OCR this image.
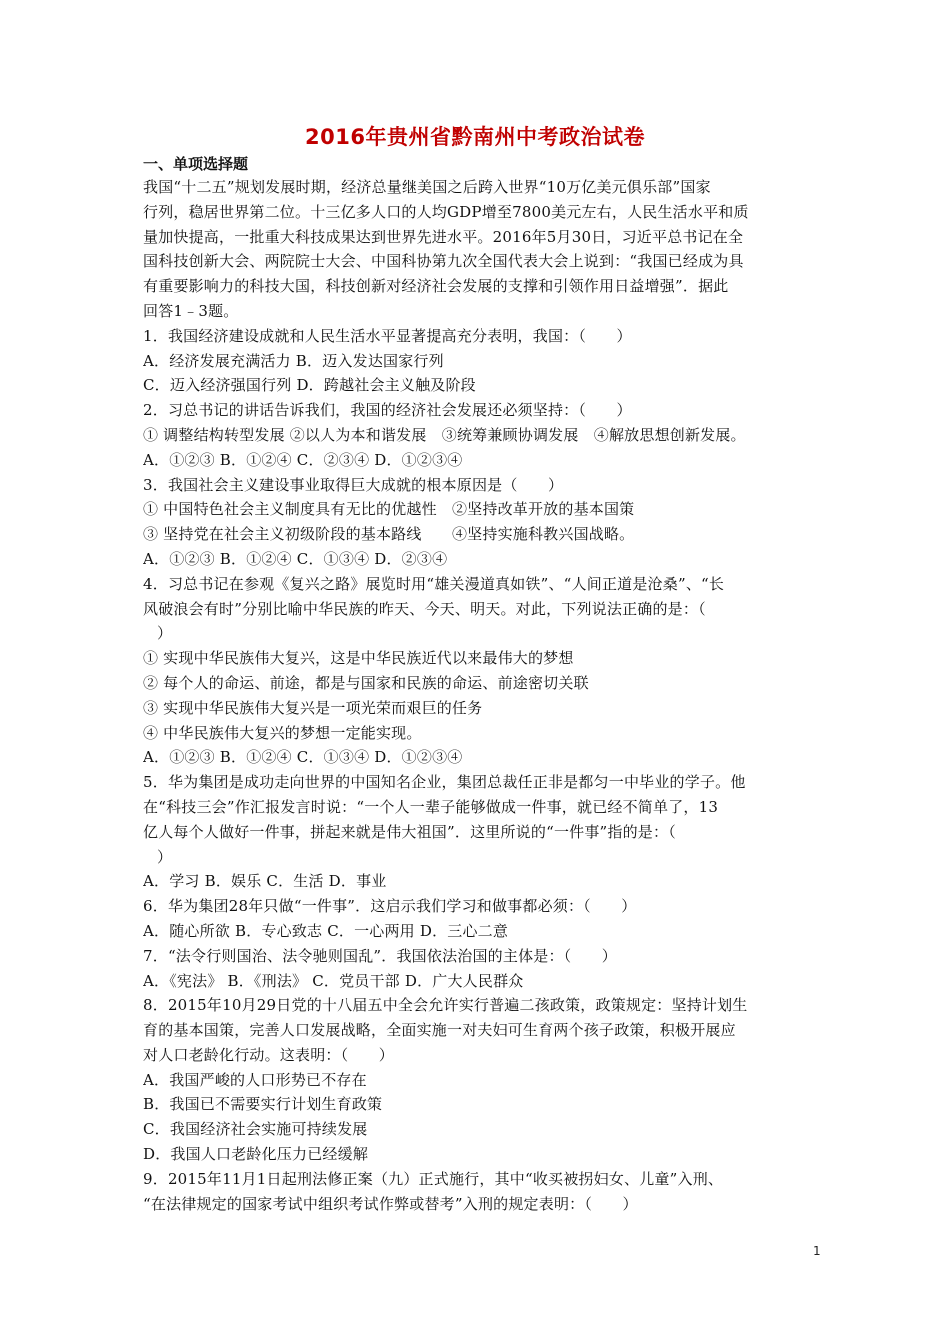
2016年贵州省黔南州中考政治试卷
一、单项选择题
我国“十二五”规划发展时期，经济总量继美国之后跨入世界“10万亿美元俱乐部”国家
行列，稳居世界第二位。十三亿多人口的人均GDP增至7800美元左右，人民生活水平和质
量加快提高，一批重大科技成果达到世界先进水平。2016年5月30日，习近平总书记在全
国科技创新大会、两院院士大会、中国科协第九次全国代表大会上说到：“我国已经成为具
有重要影响力的科技大国，科技创新对经济社会发展的支撑和引领作用日益增强”．据此
回答1﹣3题。
1．我国经济建设成就和人民生活水平显著提高充分表明，我国：（　　）
A．经济发展充满活力 B．迈入发达国家行列
C．迈入经济强国行列 D．跨越社会主义触及阶段
2．习总书记的讲话告诉我们，我国的经济社会发展还必须坚持：（　　）
① 调整结构转型发展 ②以人为本和谐发展　③统筹兼顾协调发展　④解放思想创新发展。
A．①②③ B．①②④ C．②③④ D．①②③④
3．我国社会主义建设事业取得巨大成就的根本原因是（　　）
① 中国特色社会主义制度具有无比的优越性　②坚持改革开放的基本国策
③ 坚持党在社会主义初级阶段的基本路线　　④坚持实施科教兴国战略。
A．①②③ B．①②④ C．①③④ D．②③④
4．习总书记在参观《复兴之路》展览时用“雄关漫道真如铁”、“人间正道是沧桑”、“长
风破浪会有时”分别比喻中华民族的昨天、今天、明天。对此，下列说法正确的是：（
）
① 实现中华民族伟大复兴，这是中华民族近代以来最伟大的梦想
② 每个人的命运、前途，都是与国家和民族的命运、前途密切关联
③ 实现中华民族伟大复兴是一项光荣而艰巨的任务
④ 中华民族伟大复兴的梦想一定能实现。
A．①②③ B．①②④ C．①③④ D．①②③④
5．华为集团是成功走向世界的中国知名企业，集团总裁任正非是都匀一中毕业的学子。他
在“科技三会”作汇报发言时说：“一个人一辈子能够做成一件事，就已经不简单了，13
亿人每个人做好一件事，拼起来就是伟大祖国”．这里所说的“一件事”指的是：（
）
A．学习 B．娱乐 C．生活 D．事业
6．华为集团28年只做“一件事”．这启示我们学习和做事都必须：（　　）
A．随心所欲 B．专心致志 C．一心两用 D．三心二意
7．“法令行则国治、法令驰则国乱”．我国依法治国的主体是：（　　）
A．《宪法》 B．《刑法》 C．党员干部 D．广大人民群众
8．2015年10月29日党的十八届五中全会允许实行普遍二孩政策，政策规定：坚持计划生
育的基本国策，完善人口发展战略，全面实施一对夫妇可生育两个孩子政策，积极开展应
对人口老龄化行动。这表明：（　　）
A．我国严峻的人口形势已不存在
B．我国已不需要实行计划生育政策
C．我国经济社会实施可持续发展
D．我国人口老龄化压力已经缓解
9．2015年11月1日起刑法修正案（九）正式施行，其中“收买被拐妇女、儿童”入刑、
“在法律规定的国家考试中组织考试作弊或替考”入刑的规定表明：（　　）
1
